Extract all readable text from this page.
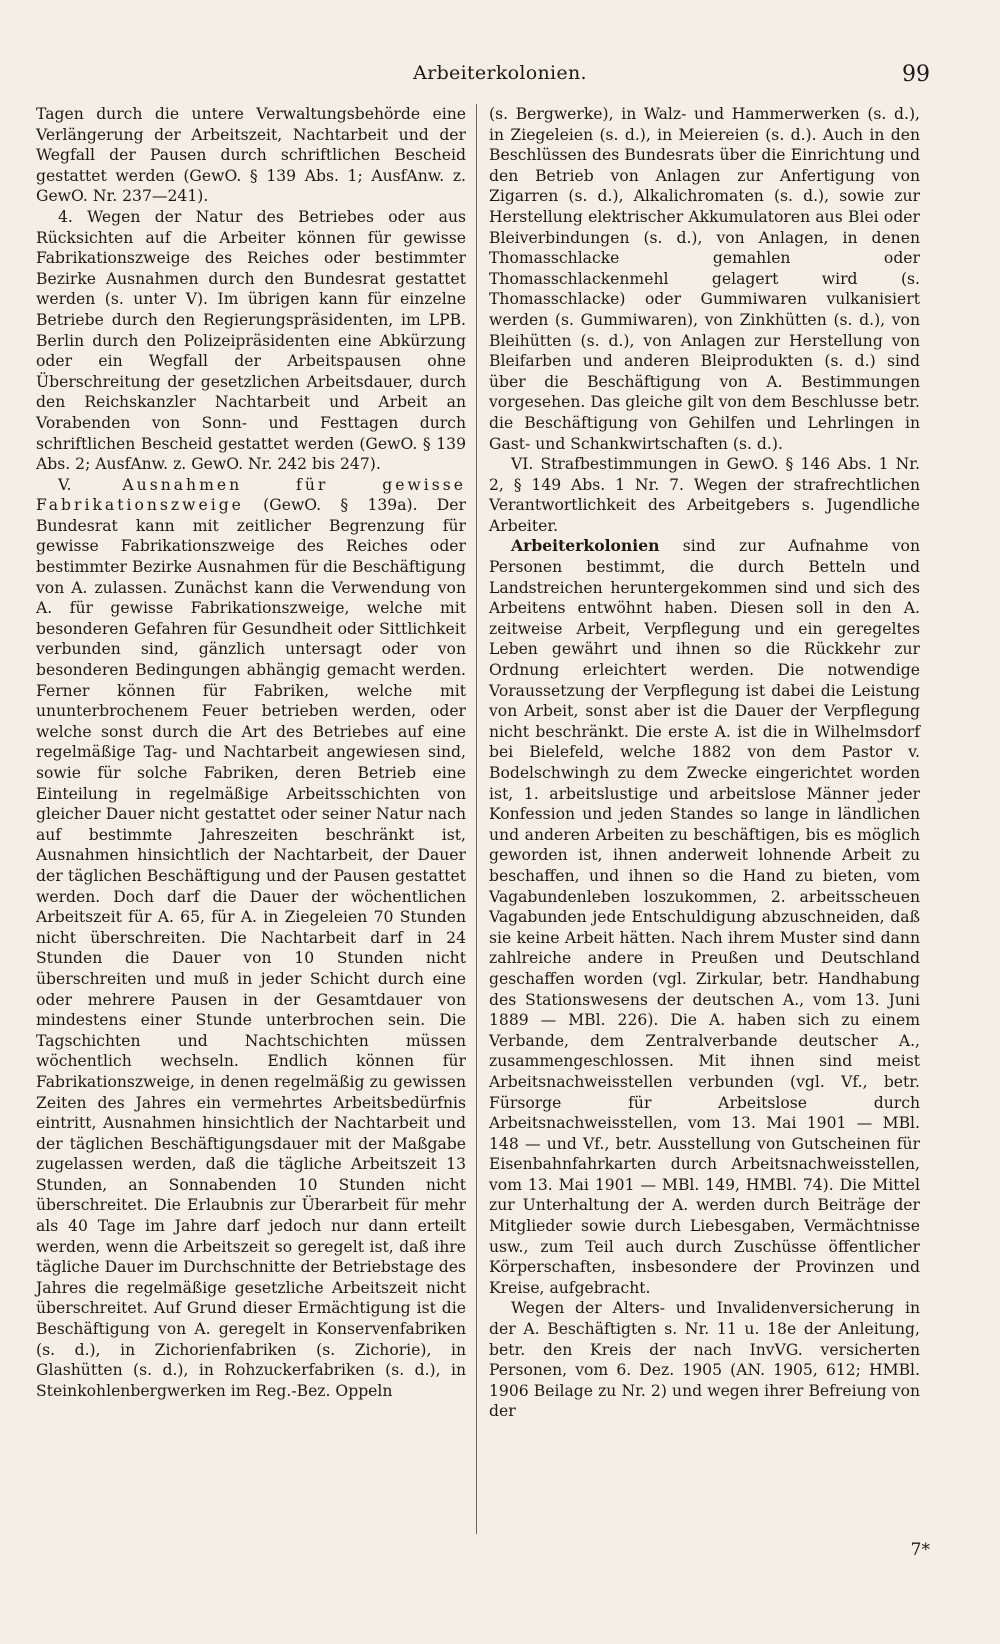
Arbeiterkolonien.	99

Tagen durch die untere Verwaltungsbehörde eine Verlängerung der Arbeitszeit, Nachtarbeit und der Wegfall der Pausen durch schriftlichen Bescheid gestattet werden (GewO. § 139 Abs. 1; AusfAnw. z. GewO. Nr. 237—241).

4. Wegen der Natur des Betriebes oder aus Rücksichten auf die Arbeiter können für gewisse Fabrikationszweige des Reiches oder bestimmter Bezirke Ausnahmen durch den Bundesrat gestattet werden (s. unter V). Im übrigen kann für einzelne Betriebe durch den Regierungspräsidenten, im LPB. Berlin durch den Polizeipräsidenten eine Abkürzung oder ein Wegfall der Arbeitspausen ohne Überschreitung der gesetzlichen Arbeitsdauer, durch den Reichskanzler Nachtarbeit und Arbeit an Vorabenden von Sonn- und Festtagen durch schriftlichen Bescheid gestattet werden (GewO. § 139 Abs. 2; AusfAnw. z. GewO. Nr. 242 bis 247).

V. Ausnahmen für gewisse Fabrikationszweige (GewO. § 139a). Der Bundesrat kann mit zeitlicher Begrenzung für gewisse Fabrikationszweige des Reiches oder bestimmter Bezirke Ausnahmen für die Beschäftigung von A. zulassen. Zunächst kann die Verwendung von A. für gewisse Fabrikationszweige, welche mit besonderen Gefahren für Gesundheit oder Sittlichkeit verbunden sind, gänzlich untersagt oder von besonderen Bedingungen abhängig gemacht werden. Ferner können für Fabriken, welche mit ununterbrochenem Feuer betrieben werden, oder welche sonst durch die Art des Betriebes auf eine regelmäßige Tag- und Nachtarbeit angewiesen sind, sowie für solche Fabriken, deren Betrieb eine Einteilung in regelmäßige Arbeitsschichten von gleicher Dauer nicht gestattet oder seiner Natur nach auf bestimmte Jahreszeiten beschränkt ist, Ausnahmen hinsichtlich der Nachtarbeit, der Dauer der täglichen Beschäftigung und der Pausen gestattet werden. Doch darf die Dauer der wöchentlichen Arbeitszeit für A. 65, für A. in Ziegeleien 70 Stunden nicht überschreiten. Die Nachtarbeit darf in 24 Stunden die Dauer von 10 Stunden nicht überschreiten und muß in jeder Schicht durch eine oder mehrere Pausen in der Gesamtdauer von mindestens einer Stunde unterbrochen sein. Die Tagschichten und Nachtschichten müssen wöchentlich wechseln. Endlich können für Fabrikationszweige, in denen regelmäßig zu gewissen Zeiten des Jahres ein vermehrtes Arbeitsbedürfnis eintritt, Ausnahmen hinsichtlich der Nachtarbeit und der täglichen Beschäftigungsdauer mit der Maßgabe zugelassen werden, daß die tägliche Arbeitszeit 13 Stunden, an Sonnabenden 10 Stunden nicht überschreitet. Die Erlaubnis zur Überarbeit für mehr als 40 Tage im Jahre darf jedoch nur dann erteilt werden, wenn die Arbeitszeit so geregelt ist, daß ihre tägliche Dauer im Durchschnitte der Betriebstage des Jahres die regelmäßige gesetzliche Arbeitszeit nicht überschreitet. Auf Grund dieser Ermächtigung ist die Beschäftigung von A. geregelt in Konservenfabriken (s. d.), in Zichorienfabriken (s. Zichorie), in Glashütten (s. d.), in Rohzuckerfabriken (s. d.), in Steinkohlenbergwerken im Reg.-Bez. Oppeln

(s. Bergwerke), in Walz- und Hammerwerken (s. d.), in Ziegeleien (s. d.), in Meiereien (s. d.). Auch in den Beschlüssen des Bundesrats über die Einrichtung und den Betrieb von Anlagen zur Anfertigung von Zigarren (s. d.), Alkalichromaten (s. d.), sowie zur Herstellung elektrischer Akkumulatoren aus Blei oder Bleiverbindungen (s. d.), von Anlagen, in denen Thomasschlacke gemahlen oder Thomasschlackenmehl gelagert wird (s. Thomasschlacke) oder Gummiwaren vulkanisiert werden (s. Gummiwaren), von Zinkhütten (s. d.), von Bleihütten (s. d.), von Anlagen zur Herstellung von Bleifarben und anderen Bleiprodukten (s. d.) sind über die Beschäftigung von A. Bestimmungen vorgesehen. Das gleiche gilt von dem Beschlusse betr. die Beschäftigung von Gehilfen und Lehrlingen in Gast- und Schankwirtschaften (s. d.).

VI. Strafbestimmungen in GewO. § 146 Abs. 1 Nr. 2, § 149 Abs. 1 Nr. 7. Wegen der strafrechtlichen Verantwortlichkeit des Arbeitgebers s. Jugendliche Arbeiter.

Arbeiterkolonien sind zur Aufnahme von Personen bestimmt, die durch Betteln und Landstreichen heruntergekommen sind und sich des Arbeitens entwöhnt haben. Diesen soll in den A. zeitweise Arbeit, Verpflegung und ein geregeltes Leben gewährt und ihnen so die Rückkehr zur Ordnung erleichtert werden. Die notwendige Voraussetzung der Verpflegung ist dabei die Leistung von Arbeit, sonst aber ist die Dauer der Verpflegung nicht beschränkt. Die erste A. ist die in Wilhelmsdorf bei Bielefeld, welche 1882 von dem Pastor v. Bodelschwingh zu dem Zwecke eingerichtet worden ist, 1. arbeitslustige und arbeitslose Männer jeder Konfession und jeden Standes so lange in ländlichen und anderen Arbeiten zu beschäftigen, bis es möglich geworden ist, ihnen anderweit lohnende Arbeit zu beschaffen, und ihnen so die Hand zu bieten, vom Vagabundenleben loszukommen, 2. arbeitsscheuen Vagabunden jede Entschuldigung abzuschneiden, daß sie keine Arbeit hätten. Nach ihrem Muster sind dann zahlreiche andere in Preußen und Deutschland geschaffen worden (vgl. Zirkular, betr. Handhabung des Stationswesens der deutschen A., vom 13. Juni 1889 — MBl. 226). Die A. haben sich zu einem Verbande, dem Zentralverbande deutscher A., zusammengeschlossen. Mit ihnen sind meist Arbeitsnachweisstellen verbunden (vgl. Vf., betr. Fürsorge für Arbeitslose durch Arbeitsnachweisstellen, vom 13. Mai 1901 — MBl. 148 — und Vf., betr. Ausstellung von Gutscheinen für Eisenbahnfahrkarten durch Arbeitsnachweisstellen, vom 13. Mai 1901 — MBl. 149, HMBl. 74). Die Mittel zur Unterhaltung der A. werden durch Beiträge der Mitglieder sowie durch Liebesgaben, Vermächtnisse usw., zum Teil auch durch Zuschüsse öffentlicher Körperschaften, insbesondere der Provinzen und Kreise, aufgebracht.

Wegen der Alters- und Invalidenversicherung in der A. Beschäftigten s. Nr. 11 u. 18e der Anleitung, betr. den Kreis der nach InvVG. versicherten Personen, vom 6. Dez. 1905 (AN. 1905, 612; HMBl. 1906 Beilage zu Nr. 2) und wegen ihrer Befreiung von der

7*
